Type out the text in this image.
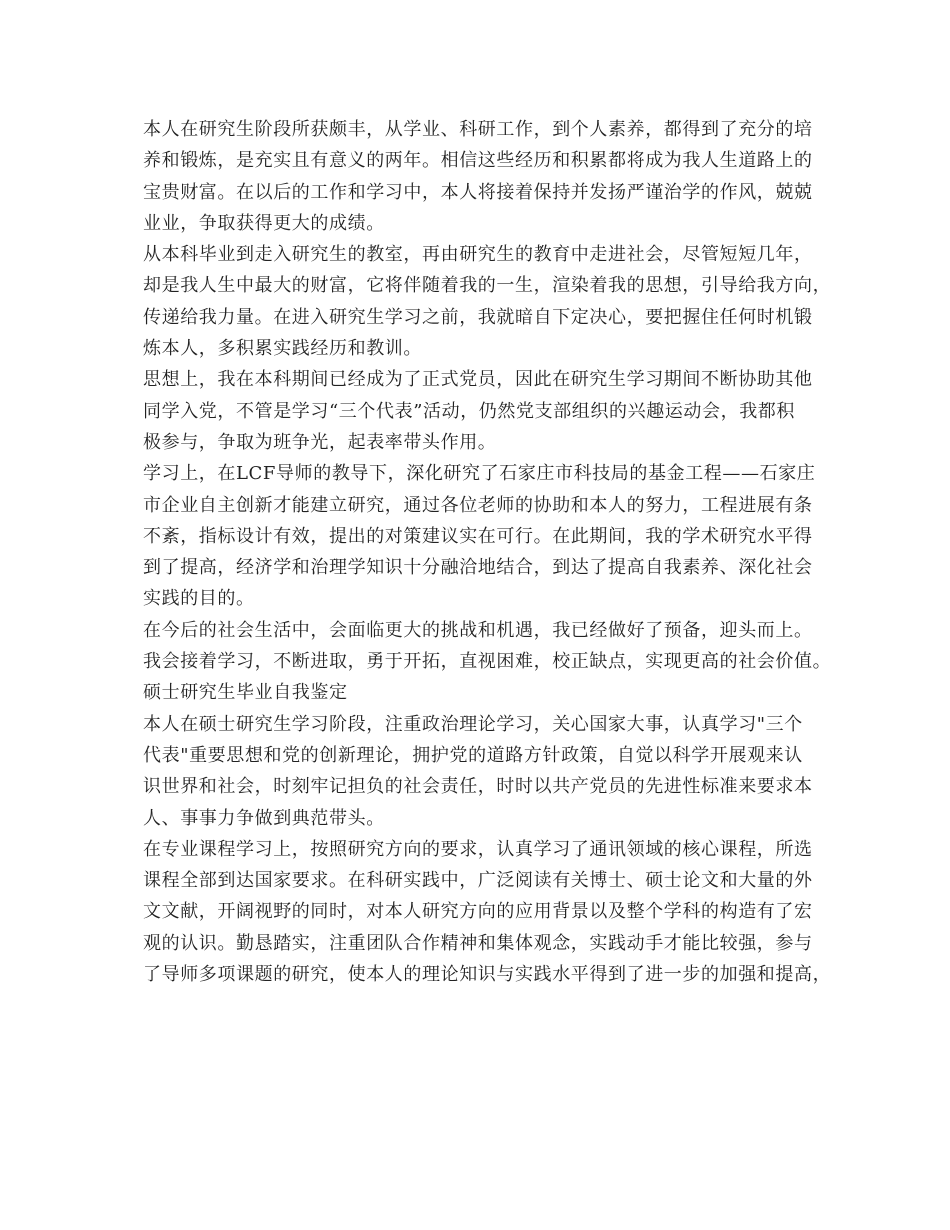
本人在研究生阶段所获颇丰，从学业、科研工作，到个人素养，都得到了充分的培
养和锻炼，是充实且有意义的两年。相信这些经历和积累都将成为我人生道路上的
宝贵财富。在以后的工作和学习中，本人将接着保持并发扬严谨治学的作风，兢兢
业业，争取获得更大的成绩。
从本科毕业到走入研究生的教室，再由研究生的教育中走进社会，尽管短短几年，
却是我人生中最大的财富，它将伴随着我的一生，渲染着我的思想，引导给我方向，
传递给我力量。在进入研究生学习之前，我就暗自下定决心，要把握住任何时机锻
炼本人，多积累实践经历和教训。
思想上，我在本科期间已经成为了正式党员，因此在研究生学习期间不断协助其他
同学入党，不管是学习“三个代表”活动，仍然党支部组织的兴趣运动会，我都积
极参与，争取为班争光，起表率带头作用。
学习上，在LCF导师的教导下，深化研究了石家庄市科技局的基金工程——石家庄
市企业自主创新才能建立研究，通过各位老师的协助和本人的努力，工程进展有条
不紊，指标设计有效，提出的对策建议实在可行。在此期间，我的学术研究水平得
到了提高，经济学和治理学知识十分融洽地结合，到达了提高自我素养、深化社会
实践的目的。
在今后的社会生活中，会面临更大的挑战和机遇，我已经做好了预备，迎头而上。
我会接着学习，不断进取，勇于开拓，直视困难，校正缺点，实现更高的社会价值。
硕士研究生毕业自我鉴定
本人在硕士研究生学习阶段，注重政治理论学习，关心国家大事，认真学习"三个
代表"重要思想和党的创新理论，拥护党的道路方针政策，自觉以科学开展观来认
识世界和社会，时刻牢记担负的社会责任，时时以共产党员的先进性标准来要求本
人、事事力争做到典范带头。
在专业课程学习上，按照研究方向的要求，认真学习了通讯领域的核心课程，所选
课程全部到达国家要求。在科研实践中，广泛阅读有关博士、硕士论文和大量的外
文文献，开阔视野的同时，对本人研究方向的应用背景以及整个学科的构造有了宏
观的认识。勤恳踏实，注重团队合作精神和集体观念，实践动手才能比较强，参与
了导师多项课题的研究，使本人的理论知识与实践水平得到了进一步的加强和提高，
